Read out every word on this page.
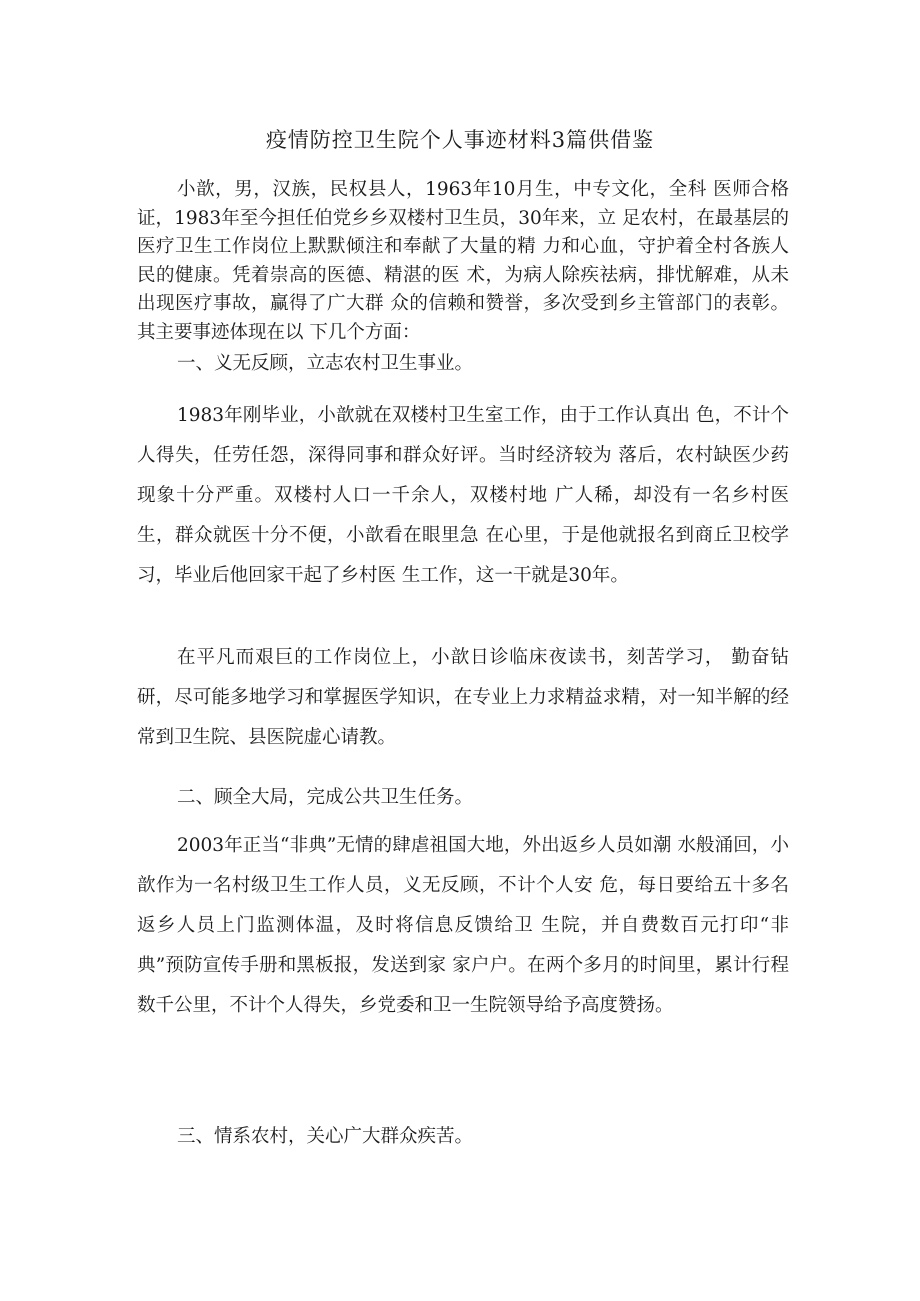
疫情防控卫生院个人事迹材料3篇供借鉴

小歆，男，汉族，民权县人，1963年10月生，中专文化，全科 医师合格证，1983年至今担任伯党乡乡双楼村卫生员，30年来，立 足农村，在最基层的医疗卫生工作岗位上默默倾注和奉献了大量的精 力和心血，守护着全村各族人民的健康。凭着崇高的医德、精湛的医 术，为病人除疾祛病，排忧解难，从未出现医疗事故，赢得了广大群 众的信赖和赞誉，多次受到乡主管部门的表彰。其主要事迹体现在以 下几个方面：

一、义无反顾，立志农村卫生事业。

1983年刚毕业，小歆就在双楼村卫生室工作，由于工作认真出 色，不计个人得失，任劳任怨，深得同事和群众好评。当时经济较为 落后，农村缺医少药现象十分严重。双楼村人口一千余人，双楼村地 广人稀，却没有一名乡村医生，群众就医十分不便，小歆看在眼里急 在心里，于是他就报名到商丘卫校学习，毕业后他回家干起了乡村医 生工作，这一干就是30年。

在平凡而艰巨的工作岗位上，小歆日诊临床夜读书，刻苦学习， 勤奋钻研，尽可能多地学习和掌握医学知识，在专业上力求精益求精，对一知半解的经常到卫生院、县医院虚心请教。

二、顾全大局，完成公共卫生任务。

2003年正当“非典”无情的肆虐祖国大地，外出返乡人员如潮 水般涌回，小歆作为一名村级卫生工作人员，义无反顾，不计个人安 危，每日要给五十多名返乡人员上门监测体温，及时将信息反馈给卫 生院，并自费数百元打印“非典”预防宣传手册和黑板报，发送到家 家户户。在两个多月的时间里，累计行程数千公里，不计个人得失，乡党委和卫一生院领导给予高度赞扬。

三、情系农村，关心广大群众疾苦。
